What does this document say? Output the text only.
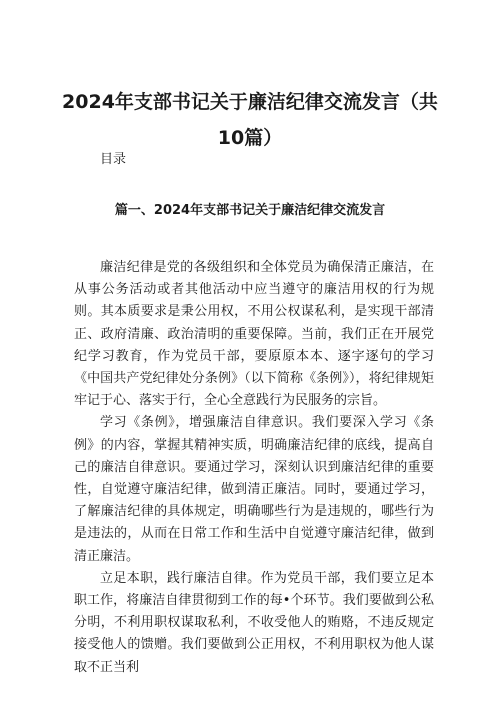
2024年支部书记关于廉洁纪律交流发言（共
10篇）

目录

篇一、2024年支部书记关于廉洁纪律交流发言

廉洁纪律是党的各级组织和全体党员为确保清正廉洁，在从事公务活动或者其他活动中应当遵守的廉洁用权的行为规则。其本质要求是秉公用权，不用公权谋私利，是实现干部清正、政府清廉、政治清明的重要保障。当前，我们正在开展党纪学习教育，作为党员干部，要原原本本、逐字逐句的学习《中国共产党纪律处分条例》（以下简称《条例》），将纪律规矩牢记于心、落实于行，全心全意践行为民服务的宗旨。

学习《条例》，增强廉洁自律意识。我们要深入学习《条例》的内容，掌握其精神实质，明确廉洁纪律的底线，提高自己的廉洁自律意识。要通过学习，深刻认识到廉洁纪律的重要性，自觉遵守廉洁纪律，做到清正廉洁。同时，要通过学习，了解廉洁纪律的具体规定，明确哪些行为是违规的，哪些行为是违法的，从而在日常工作和生活中自觉遵守廉洁纪律，做到清正廉洁。

立足本职，践行廉洁自律。作为党员干部，我们要立足本职工作，将廉洁自律贯彻到工作的每•个环节。我们要做到公私分明，不利用职权谋取私利，不收受他人的贿赂，不违反规定接受他人的馈赠。我们要做到公正用权，不利用职权为他人谋取不正当利
